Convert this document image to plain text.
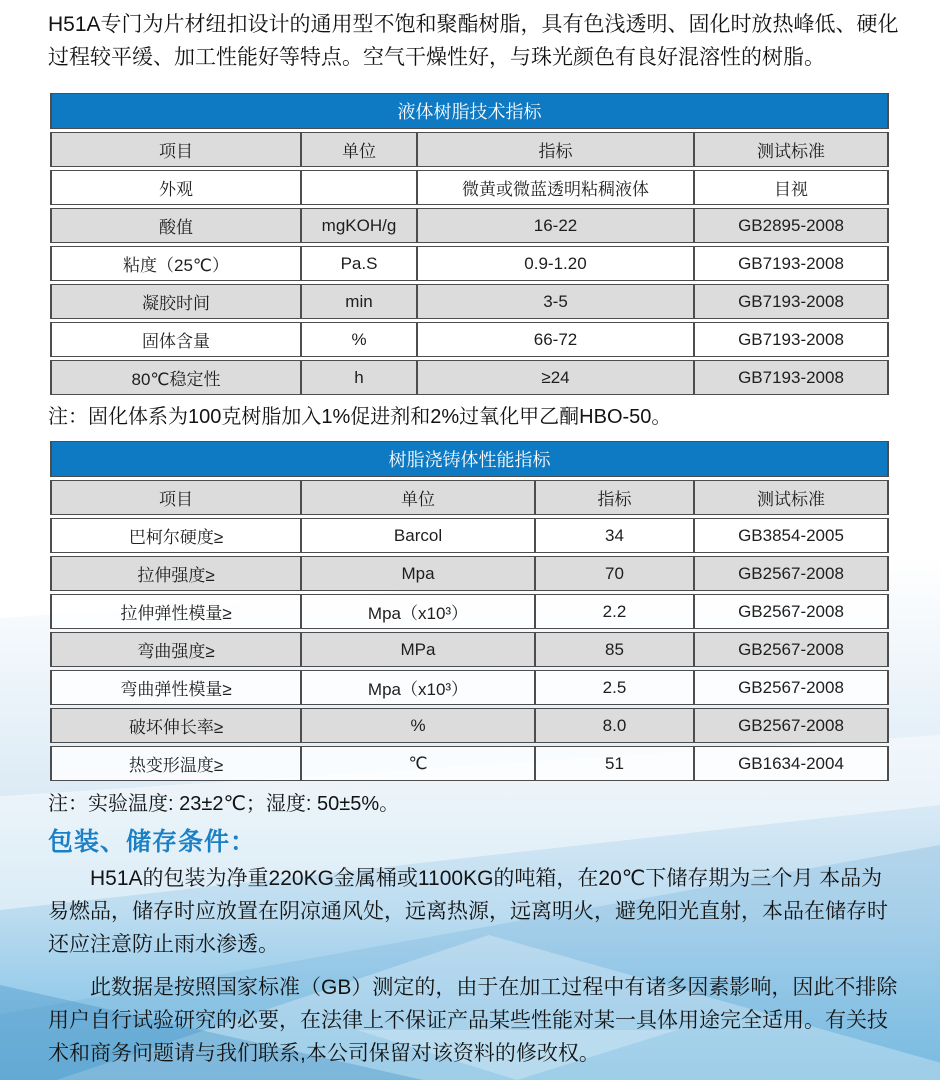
H51A专门为片材纽扣设计的通用型不饱和聚酯树脂，具有色浅透明、固化时放热峰低、硬化过程较平缓、加工性能好等特点。空气干燥性好，与珠光颜色有良好混溶性的树脂。

液体树脂技术指标			
项目	单位	指标	测试标准
外观		微黄或微蓝透明粘稠液体	目视
酸值	mgKOH/g	16-22	GB2895-2008
粘度（25℃）	Pa.S	0.9-1.20	GB7193-2008
凝胶时间	min	3-5	GB7193-2008
固体含量	%	66-72	GB7193-2008
80℃稳定性	h	≥24	GB7193-2008

注：固化体系为100克树脂加入1%促进剂和2%过氧化甲乙酮HBO-50。

树脂浇铸体性能指标			
项目	单位	指标	测试标准
巴柯尔硬度≥	Barcol	34	GB3854-2005
拉伸强度≥	Mpa	70	GB2567-2008
拉伸弹性模量≥	Mpa（x10³）	2.2	GB2567-2008
弯曲强度≥	MPa	85	GB2567-2008
弯曲弹性模量≥	Mpa（x10³）	2.5	GB2567-2008
破坏伸长率≥	%	8.0	GB2567-2008
热变形温度≥	℃	51	GB1634-2004

注：实验温度: 23±2℃；湿度: 50±5%。

包装、储存条件：

H51A的包装为净重220KG金属桶或1100KG的吨箱，在20℃下储存期为三个月 本品为易燃品，储存时应放置在阴凉通风处，远离热源，远离明火，避免阳光直射，本品在储存时还应注意防止雨水渗透。

此数据是按照国家标准（GB）测定的，由于在加工过程中有诸多因素影响，因此不排除用户自行试验研究的必要，在法律上不保证产品某些性能对某一具体用途完全适用。有关技术和商务问题请与我们联系,本公司保留对该资料的修改权。
